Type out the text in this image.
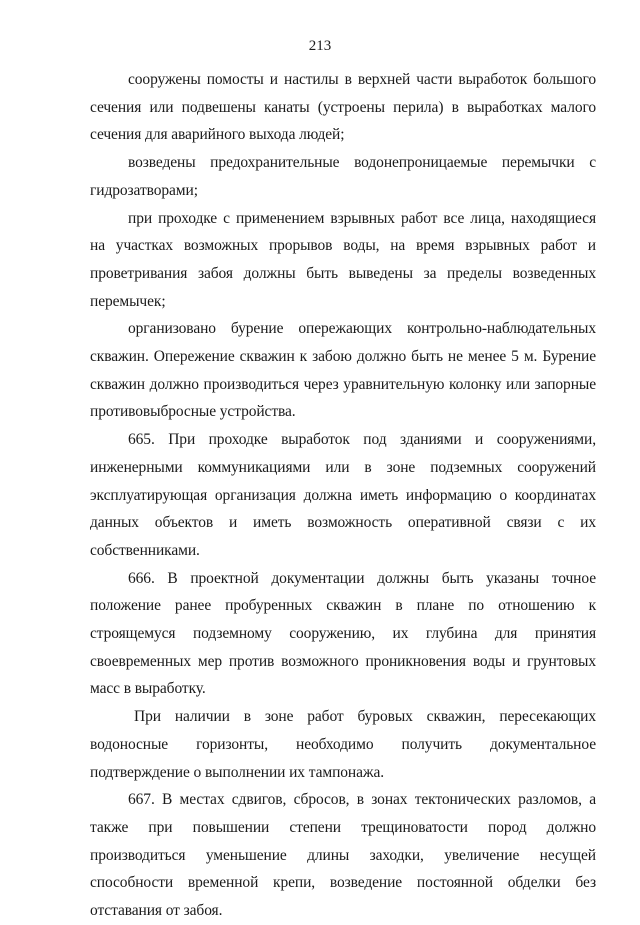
213

сооружены помосты и настилы в верхней части выработок большого сечения или подвешены канаты (устроены перила) в выработках малого сечения для аварийного выхода людей;

возведены предохранительные водонепроницаемые перемычки с гидрозатворами;

при проходке с применением взрывных работ все лица, находящиеся на участках возможных прорывов воды, на время взрывных работ и проветривания забоя должны быть выведены за пределы возведенных перемычек;

организовано бурение опережающих контрольно-наблюдательных скважин. Опережение скважин к забою должно быть не менее 5 м. Бурение скважин должно производиться через уравнительную колонку или запорные противовыбросные устройства.

665. При проходке выработок под зданиями и сооружениями, инженерными коммуникациями или в зоне подземных сооружений эксплуатирующая организация должна иметь информацию о координатах данных объектов и иметь возможность оперативной связи с их собственниками.

666. В проектной документации должны быть указаны точное положение ранее пробуренных скважин в плане по отношению к строящемуся подземному сооружению, их глубина для принятия своевременных мер против возможного проникновения воды и грунтовых масс в выработку.

При наличии в зоне работ буровых скважин, пересекающих водоносные горизонты, необходимо получить документальное подтверждение о выполнении их тампонажа.

667. В местах сдвигов, сбросов, в зонах тектонических разломов, а также при повышении степени трещиноватости пород должно производиться уменьшение длины заходки, увеличение несущей способности временной крепи, возведение постоянной обделки без отставания от забоя.
